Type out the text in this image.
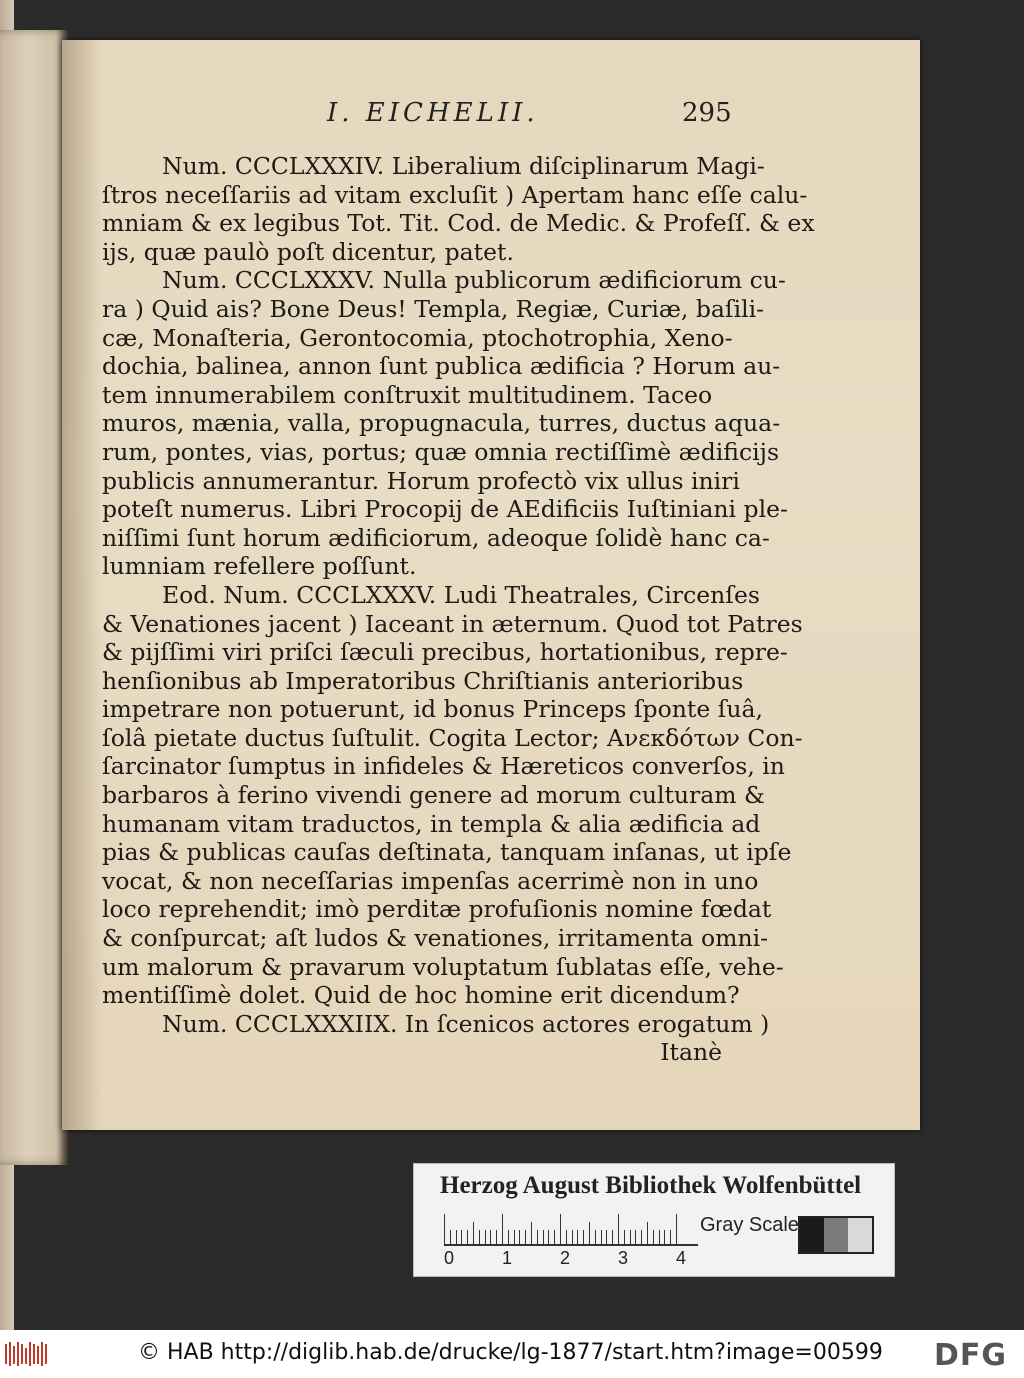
I. EICHELII.	295
Num. CCCLXXXIV. Liberalium diſciplinarum Magi-
ſtros neceſſariis ad vitam excluſit ) Apertam hanc eſſe calu-
mniam & ex legibus Tot. Tit. Cod. de Medic. & Profeſſ. & ex
ijs, quæ paulò poſt dicentur, patet.
Num. CCCLXXXV. Nulla publicorum ædificiorum cu-
ra ) Quid ais? Bone Deus! Templa, Regiæ, Curiæ, baſili-
cæ, Monaſteria, Gerontocomia, ptochotrophia, Xeno-
dochia, balinea, annon ſunt publica ædificia ? Horum au-
tem innumerabilem conſtruxit multitudinem. Taceo
muros, mænia, valla, propugnacula, turres, ductus aqua-
rum, pontes, vias, portus; quæ omnia rectiſſimè ædificijs
publicis annumerantur. Horum profectò vix ullus iniri
poteſt numerus. Libri Procopij de AEdificiis Iuſtiniani ple-
niſſimi ſunt horum ædificiorum, adeoque ſolidè hanc ca-
lumniam refellere poſſunt.
Eod. Num. CCCLXXXV. Ludi Theatrales, Circenſes
& Venationes jacent ) Iaceant in æternum. Quod tot Patres
& pijſſimi viri priſci ſæculi precibus, hortationibus, repre-
henſionibus ab Imperatoribus Chriſtianis anterioribus
impetrare non potuerunt, id bonus Princeps ſponte ſuâ,
ſolâ pietate ductus ſuſtulit. Cogita Lector; Ανεκδότων Con-
ſarcinator ſumptus in infideles & Hæreticos converſos, in
barbaros à ferino vivendi genere ad morum culturam &
humanam vitam traductos, in templa & alia ædificia ad
pias & publicas cauſas deſtinata, tanquam inſanas, ut ipſe
vocat, & non neceſſarias impenſas acerrimè non in uno
loco reprehendit; imò perditæ profuſionis nomine fœdat
& conſpurcat; aſt ludos & venationes, irritamenta omni-
um malorum & pravarum voluptatum ſublatas eſſe, vehe-
mentiſſimè dolet. Quid de hoc homine erit dicendum?
Num. CCCLXXXIIX. In ſcenicos actores erogatum )
Itanè
Herzog August Bibliothek Wolfenbüttel
0	1	2	3	4
Gray Scale
© HAB http://diglib.hab.de/drucke/lg-1877/start.htm?image=00599 DFG
